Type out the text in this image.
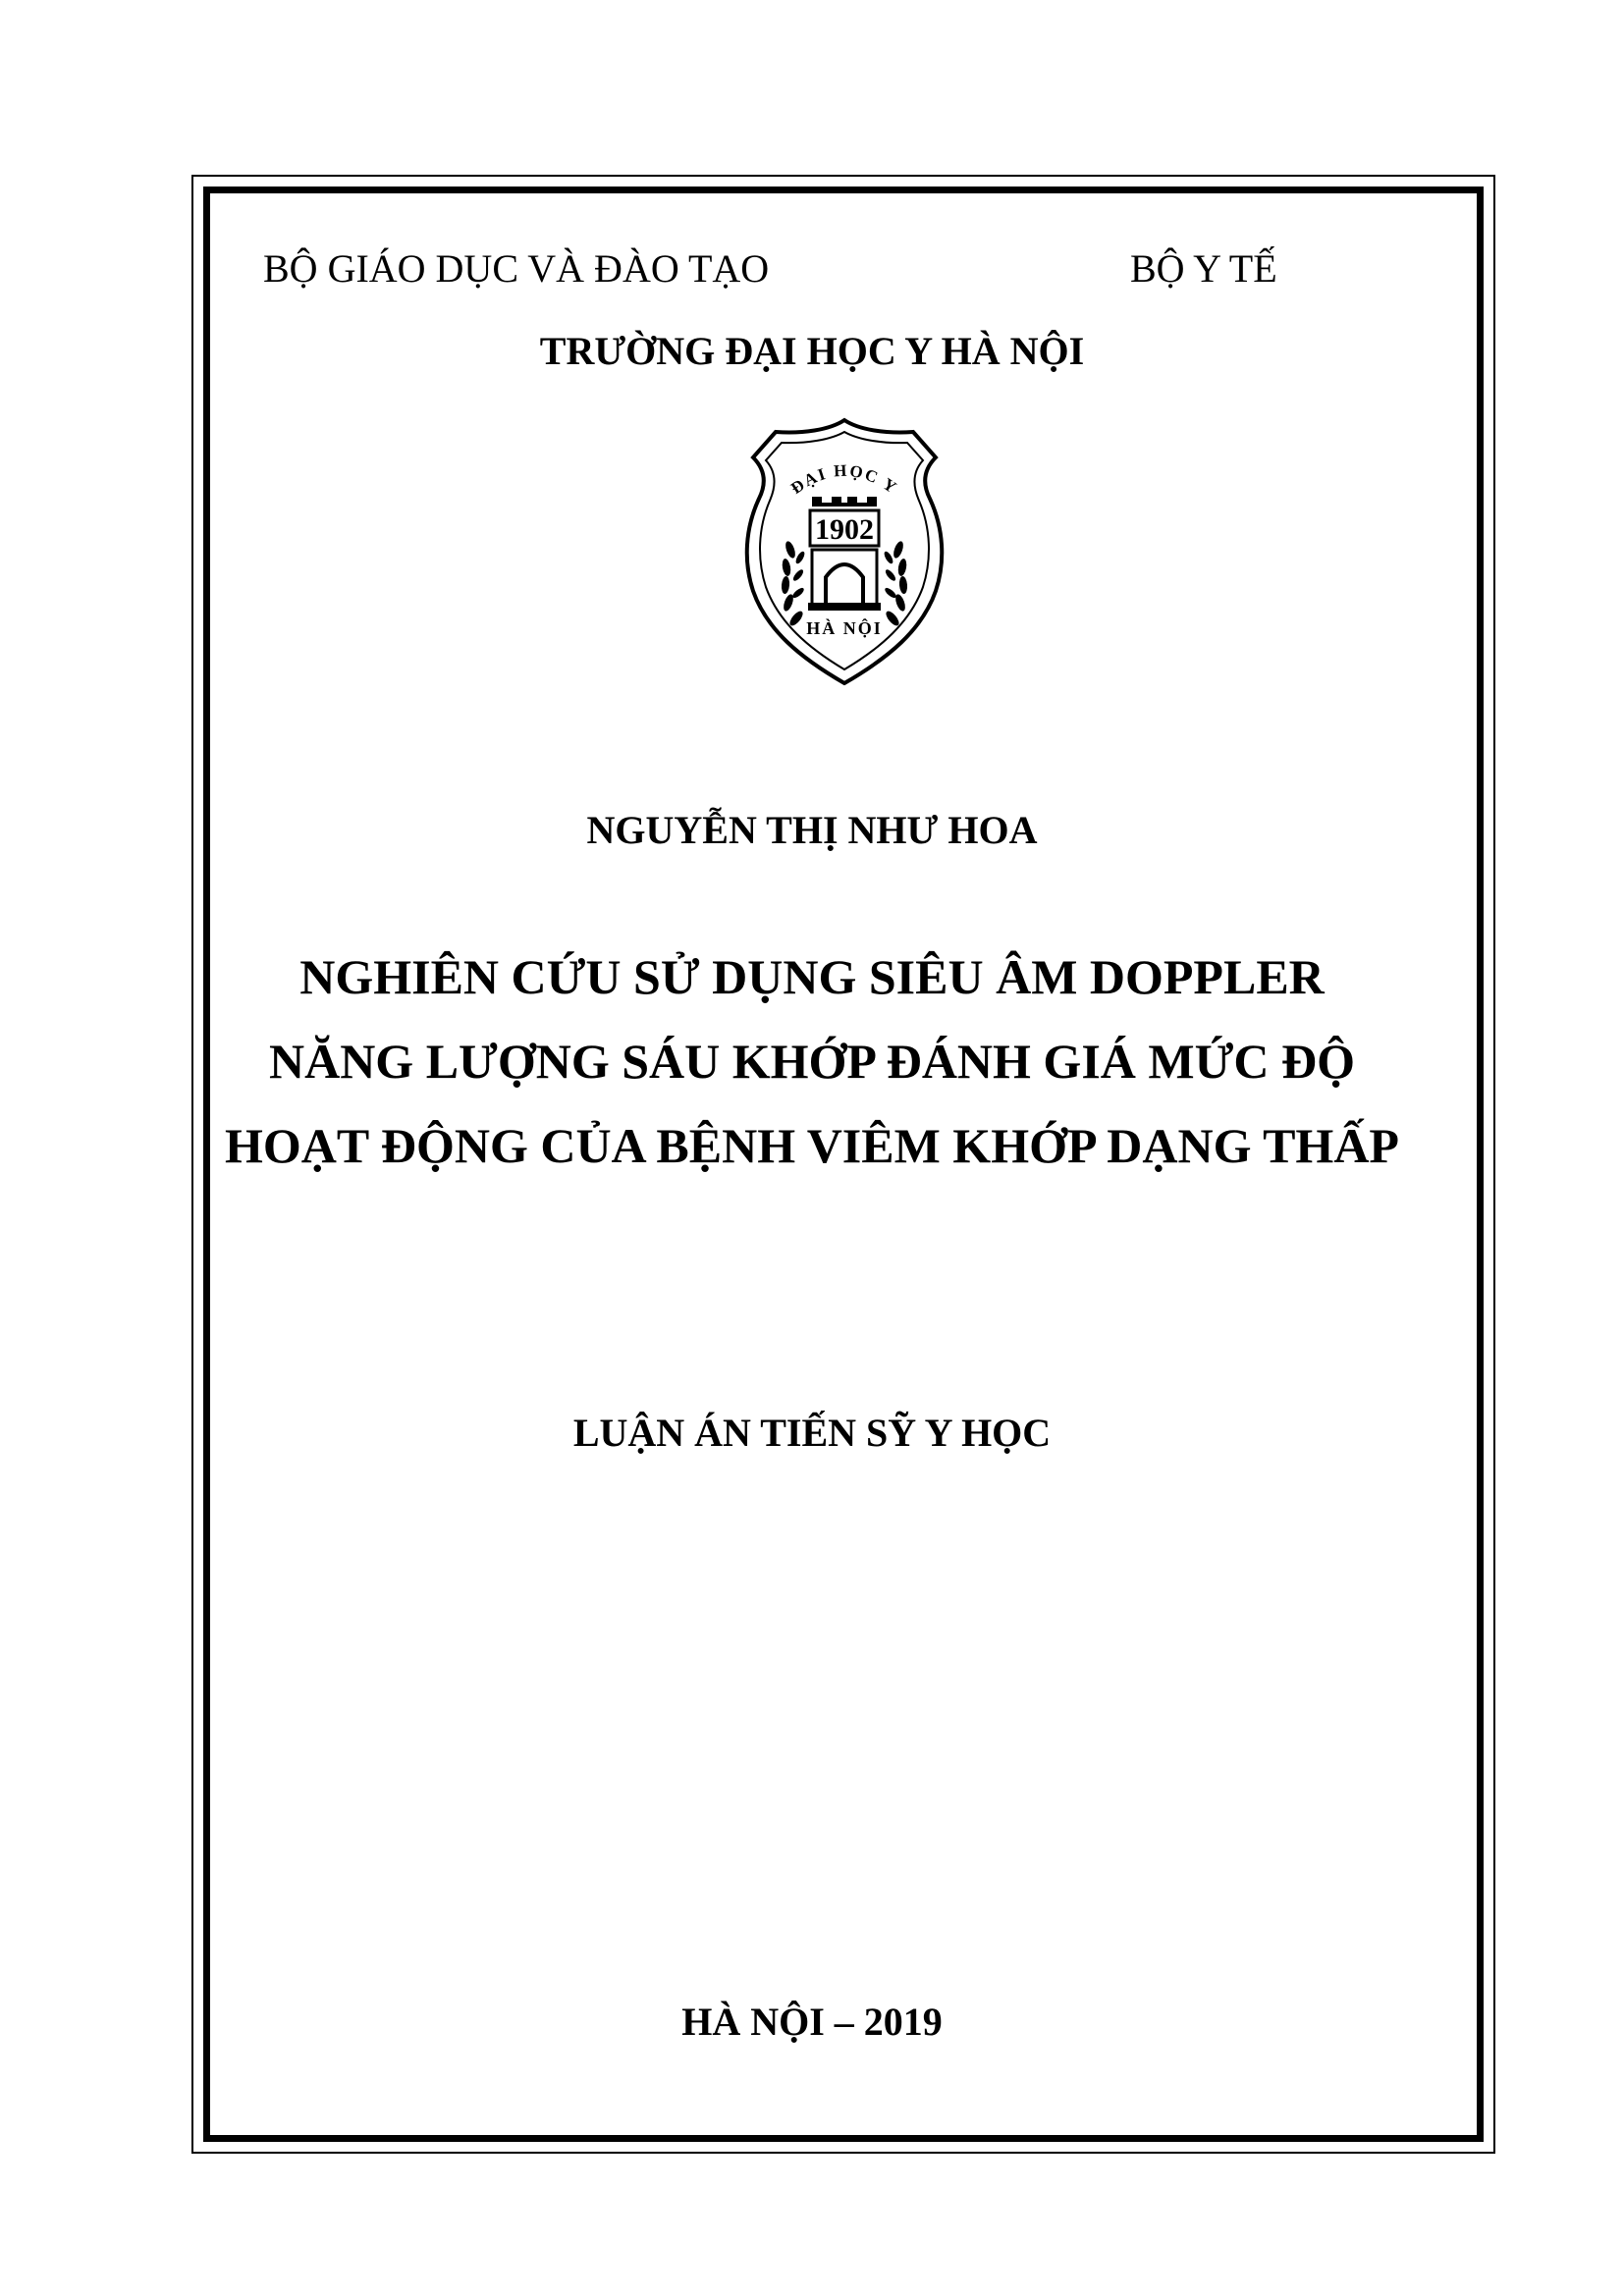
BỘ GIÁO DỤC VÀ ĐÀO TẠO	BỘ Y TẾ
TRƯỜNG ĐẠI HỌC Y HÀ NỘI
ĐẠI HỌC Y
1902
HÀ NỘI
NGUYỄN THỊ NHƯ HOA
NGHIÊN CỨU SỬ DỤNG SIÊU ÂM DOPPLER
NĂNG LƯỢNG SÁU KHỚP ĐÁNH GIÁ MỨC ĐỘ
HOẠT ĐỘNG CỦA BỆNH VIÊM KHỚP DẠNG THẤP
LUẬN ÁN TIẾN SỸ Y HỌC
HÀ NỘI – 2019
